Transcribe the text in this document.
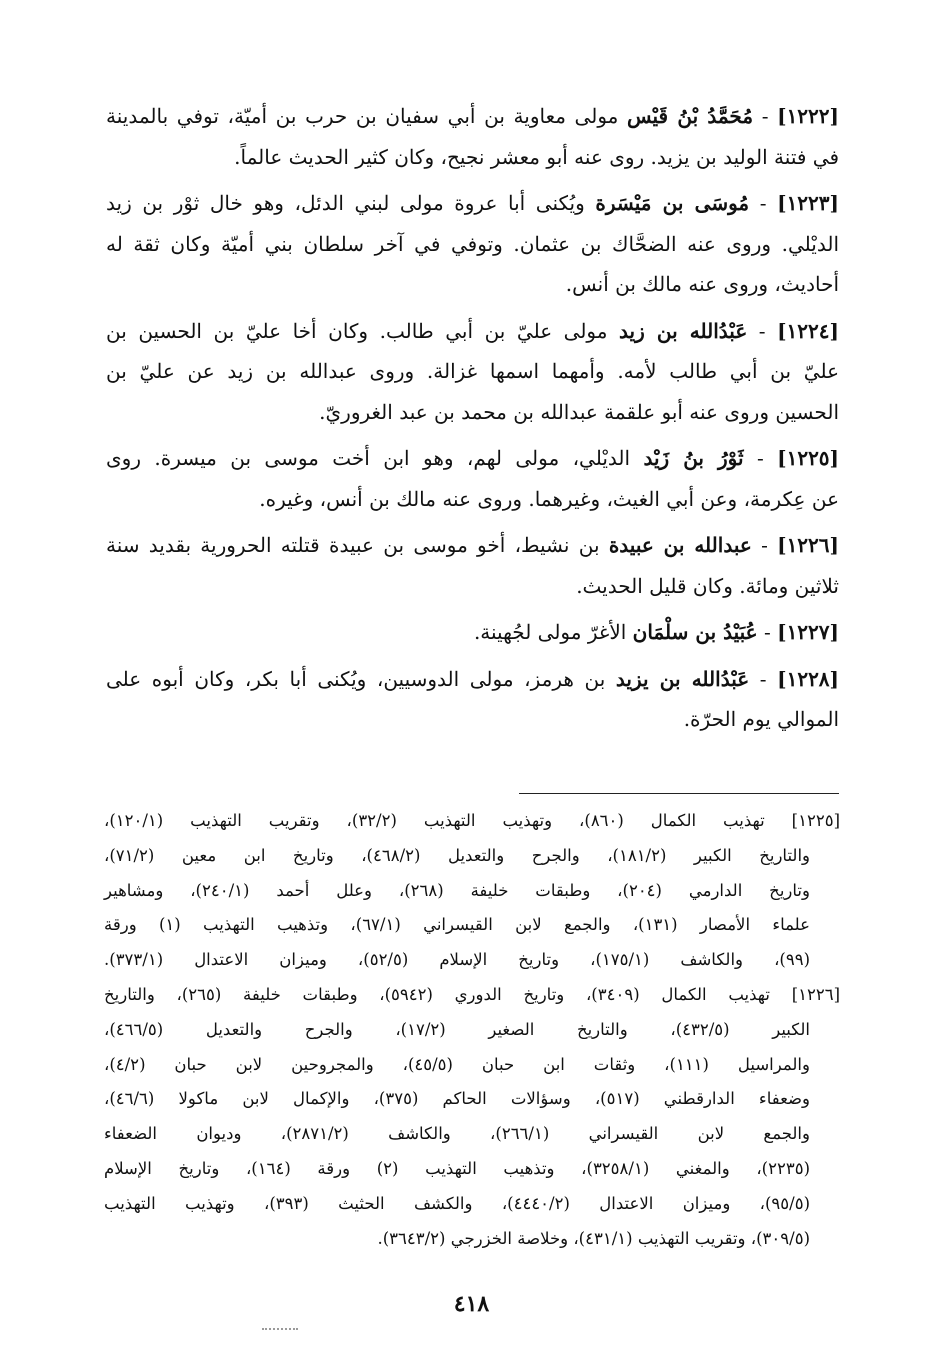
[١٢٢٢] - مُحَمَّدُ بْنُ قَيْس مولى معاوية بن أبي سفيان بن حرب بن أميّة، توفي بالمدينة
في فتنة الوليد بن يزيد. روى عنه أبو معشر نجيح، وكان كثير الحديث عالماً.
[١٢٢٣] - مُوسَى بن مَيْسَرة ويُكنى أبا عروة مولى لبني الدئل، وهو خال ثوْر بن زيد
الديْلي. وروى عنه الضحَّاك بن عثمان. وتوفي في آخر سلطان بني أميّة وكان ثقة له
أحاديث، وروى عنه مالك بن أنس.
[١٢٢٤] - عَبْدُالله بن زيد مولى عليّ بن أبي طالب. وكان أخا عليّ بن الحسين بن
عليّ بن أبي طالب لأمه. وأمهما اسمها غزالة. وروى عبدالله بن زيد عن عليّ بن
الحسين وروى عنه أبو علقمة عبدالله بن محمد بن عبد الغروريّ.
[١٢٢٥] - ثَوْرُ بنُ زَيْد الديْلي، مولى لهم، وهو ابن أخت موسى بن ميسرة. روى
عن عِكرمة، وعن أبي الغيث، وغيرهما. وروى عنه مالك بن أنس، وغيره.
[١٢٢٦] - عبدالله بن عبيدة بن نشيط، أخو موسى بن عبيدة قتلته الحرورية بقديد سنة
ثلاثين ومائة. وكان قليل الحديث.
[١٢٢٧] - عُبَيْدُ بن سلْمَان الأغرّ مولى لجُهينة.
[١٢٢٨] - عَبْدُالله بن يزيد بن هرمز، مولى الدوسيين، ويُكنى أبا بكر، وكان أبوه على
الموالي يوم الحرّة.
[١٢٢٥] تهذيب الكمال (٨٦٠)، وتهذيب التهذيب (٣٢/٢)، وتقريب التهذيب (١٢٠/١)،
والتاريخ الكبير (١٨١/٢)، والجرح والتعديل (٤٦٨/٢)، وتاريخ ابن معين (٧١/٢)،
وتاريخ الدارمي (٢٠٤)، وطبقات خليفة (٢٦٨)، وعلل أحمد (٢٤٠/١)، ومشاهير
علماء الأمصار (١٣١)، والجمع لابن القيسراني (٦٧/١)، وتذهيب التهذيب (١) ورقة
(٩٩)، والكاشف (١٧٥/١)، وتاريخ الإسلام (٥٢/٥)، وميزان الاعتدال (٣٧٣/١).
[١٢٢٦] تهذيب الكمال (٣٤٠٩)، وتاريخ الدوري (٥٩٤٢)، وطبقات خليفة (٢٦٥)، والتاريخ
الكبير (٤٣٢/٥)، والتاريخ الصغير (١٧/٢)، والجرح والتعديل (٤٦٦/٥)،
والمراسيل (١١١)، وثقات ابن حبان (٤٥/٥)، والمجروحين لابن حبان (٤/٢)،
وضعفاء الدارقطني (٥١٧)، وسؤالات الحاكم (٣٧٥)، والإكمال لابن ماكولا (٤٦/٦)،
والجمع لابن القيسراني (٢٦٦/١)، والكاشف (٢٨٧١/٢)، وديوان الضعفاء
(٢٢٣٥)، والمغني (٣٢٥٨/١)، وتذهيب التهذيب (٢) ورقة (١٦٤)، وتاريخ الإسلام
(٩٥/٥)، وميزان الاعتدال (٤٤٤٠/٢)، والكشف الحثيث (٣٩٣)، وتهذيب التهذيب
(٣٠٩/٥)، وتقريب التهذيب (٤٣١/١)، وخلاصة الخزرجي (٣٦٤٣/٢).
٤١٨
